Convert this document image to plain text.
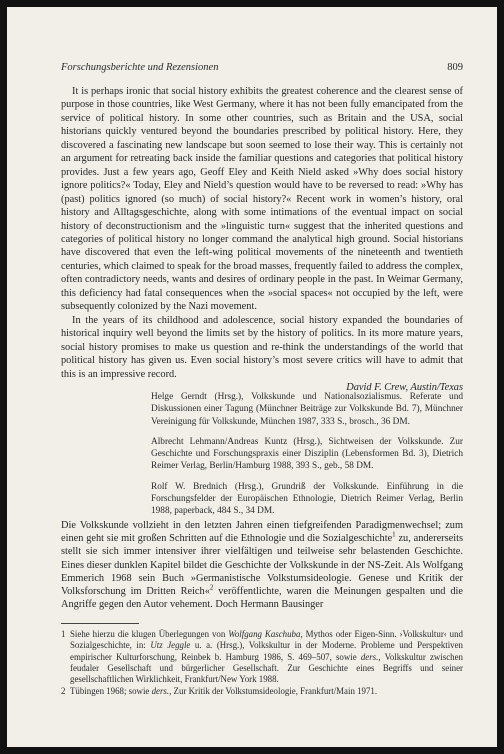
Forschungsberichte und Rezensionen	809

It is perhaps ironic that social history exhibits the greatest coherence and the clearest sense of purpose in those countries, like West Germany, where it has not been fully emancipated from the service of political history. In some other countries, such as Britain and the USA, social historians quickly ventured beyond the boundaries prescribed by political history. Here, they discovered a fascinating new landscape but soon seemed to lose their way. This is certainly not an argument for retreating back inside the familiar questions and categories that political history provides. Just a few years ago, Geoff Eley and Keith Nield asked »Why does social history ignore politics?« Today, Eley and Nield’s question would have to be reversed to read: »Why has (past) politics ignored (so much) of social history?« Recent work in women’s history, oral history and Alltagsgeschichte, along with some intimations of the eventual impact on social history of deconstructionism and the »linguistic turn« suggest that the inherited questions and categories of political history no longer command the analytical high ground. Social historians have discovered that even the left-wing political movements of the nineteenth and twentieth centuries, which claimed to speak for the broad masses, frequently failed to address the complex, often contradictory needs, wants and desires of ordinary people in the past. In Weimar Germany, this deficiency had fatal consequences when the »social spaces« not occupied by the left, were subsequently colonized by the Nazi movement.

In the years of its childhood and adolescence, social history expanded the boundaries of historical inquiry well beyond the limits set by the history of politics. In its more mature years, social history promises to make us question and re-think the understandings of the world that political history has given us. Even social history’s most severe critics will have to admit that this is an impressive record.

David F. Crew, Austin/Texas

Helge Gerndt (Hrsg.), Volkskunde und Nationalsozialismus. Referate und Diskussionen einer Tagung (Münchner Beiträge zur Volkskunde Bd. 7), Münchner Vereinigung für Volkskunde, München 1987, 333 S., brosch., 36 DM.

Albrecht Lehmann/Andreas Kuntz (Hrsg.), Sichtweisen der Volkskunde. Zur Geschichte und Forschungspraxis einer Disziplin (Lebensformen Bd. 3), Dietrich Reimer Verlag, Berlin/Hamburg 1988, 393 S., geb., 58 DM.

Rolf W. Brednich (Hrsg.), Grundriß der Volkskunde. Einführung in die Forschungsfelder der Europäischen Ethnologie, Dietrich Reimer Verlag, Berlin 1988, paperback, 484 S., 34 DM.

Die Volkskunde vollzieht in den letzten Jahren einen tiefgreifenden Paradigmenwechsel; zum einen geht sie mit großen Schritten auf die Ethnologie und die Sozialgeschichte$^1$ zu, andererseits stellt sie sich immer intensiver ihrer vielfältigen und teilweise sehr belastenden Geschichte. Eines dieser dunklen Kapitel bildet die Geschichte der Volkskunde in der NS-Zeit. Als Wolfgang Emmerich 1968 sein Buch »Germanistische Volkstumsideologie. Genese und Kritik der Volksforschung im Dritten Reich«$^2$ veröffentlichte, waren die Meinungen gespalten und die Angriffe gegen den Autor vehement. Doch Hermann Bausinger

1 Siehe hierzu die klugen Überlegungen von Wolfgang Kaschuba, Mythos oder Eigen-Sinn. ›Volkskultur‹ und Sozialgeschichte, in: Utz Jeggle u. a. (Hrsg.), Volkskultur in der Moderne. Probleme und Perspektiven empirischer Kulturforschung, Reinbek b. Hamburg 1986, S. 469–507, sowie ders., Volkskultur zwischen feudaler Gesellschaft und bürgerlicher Gesellschaft. Zur Geschichte eines Begriffs und seiner gesellschaftlichen Wirklichkeit, Frankfurt/New York 1988.
2 Tübingen 1968; sowie ders., Zur Kritik der Volkstumsideologie, Frankfurt/Main 1971.
